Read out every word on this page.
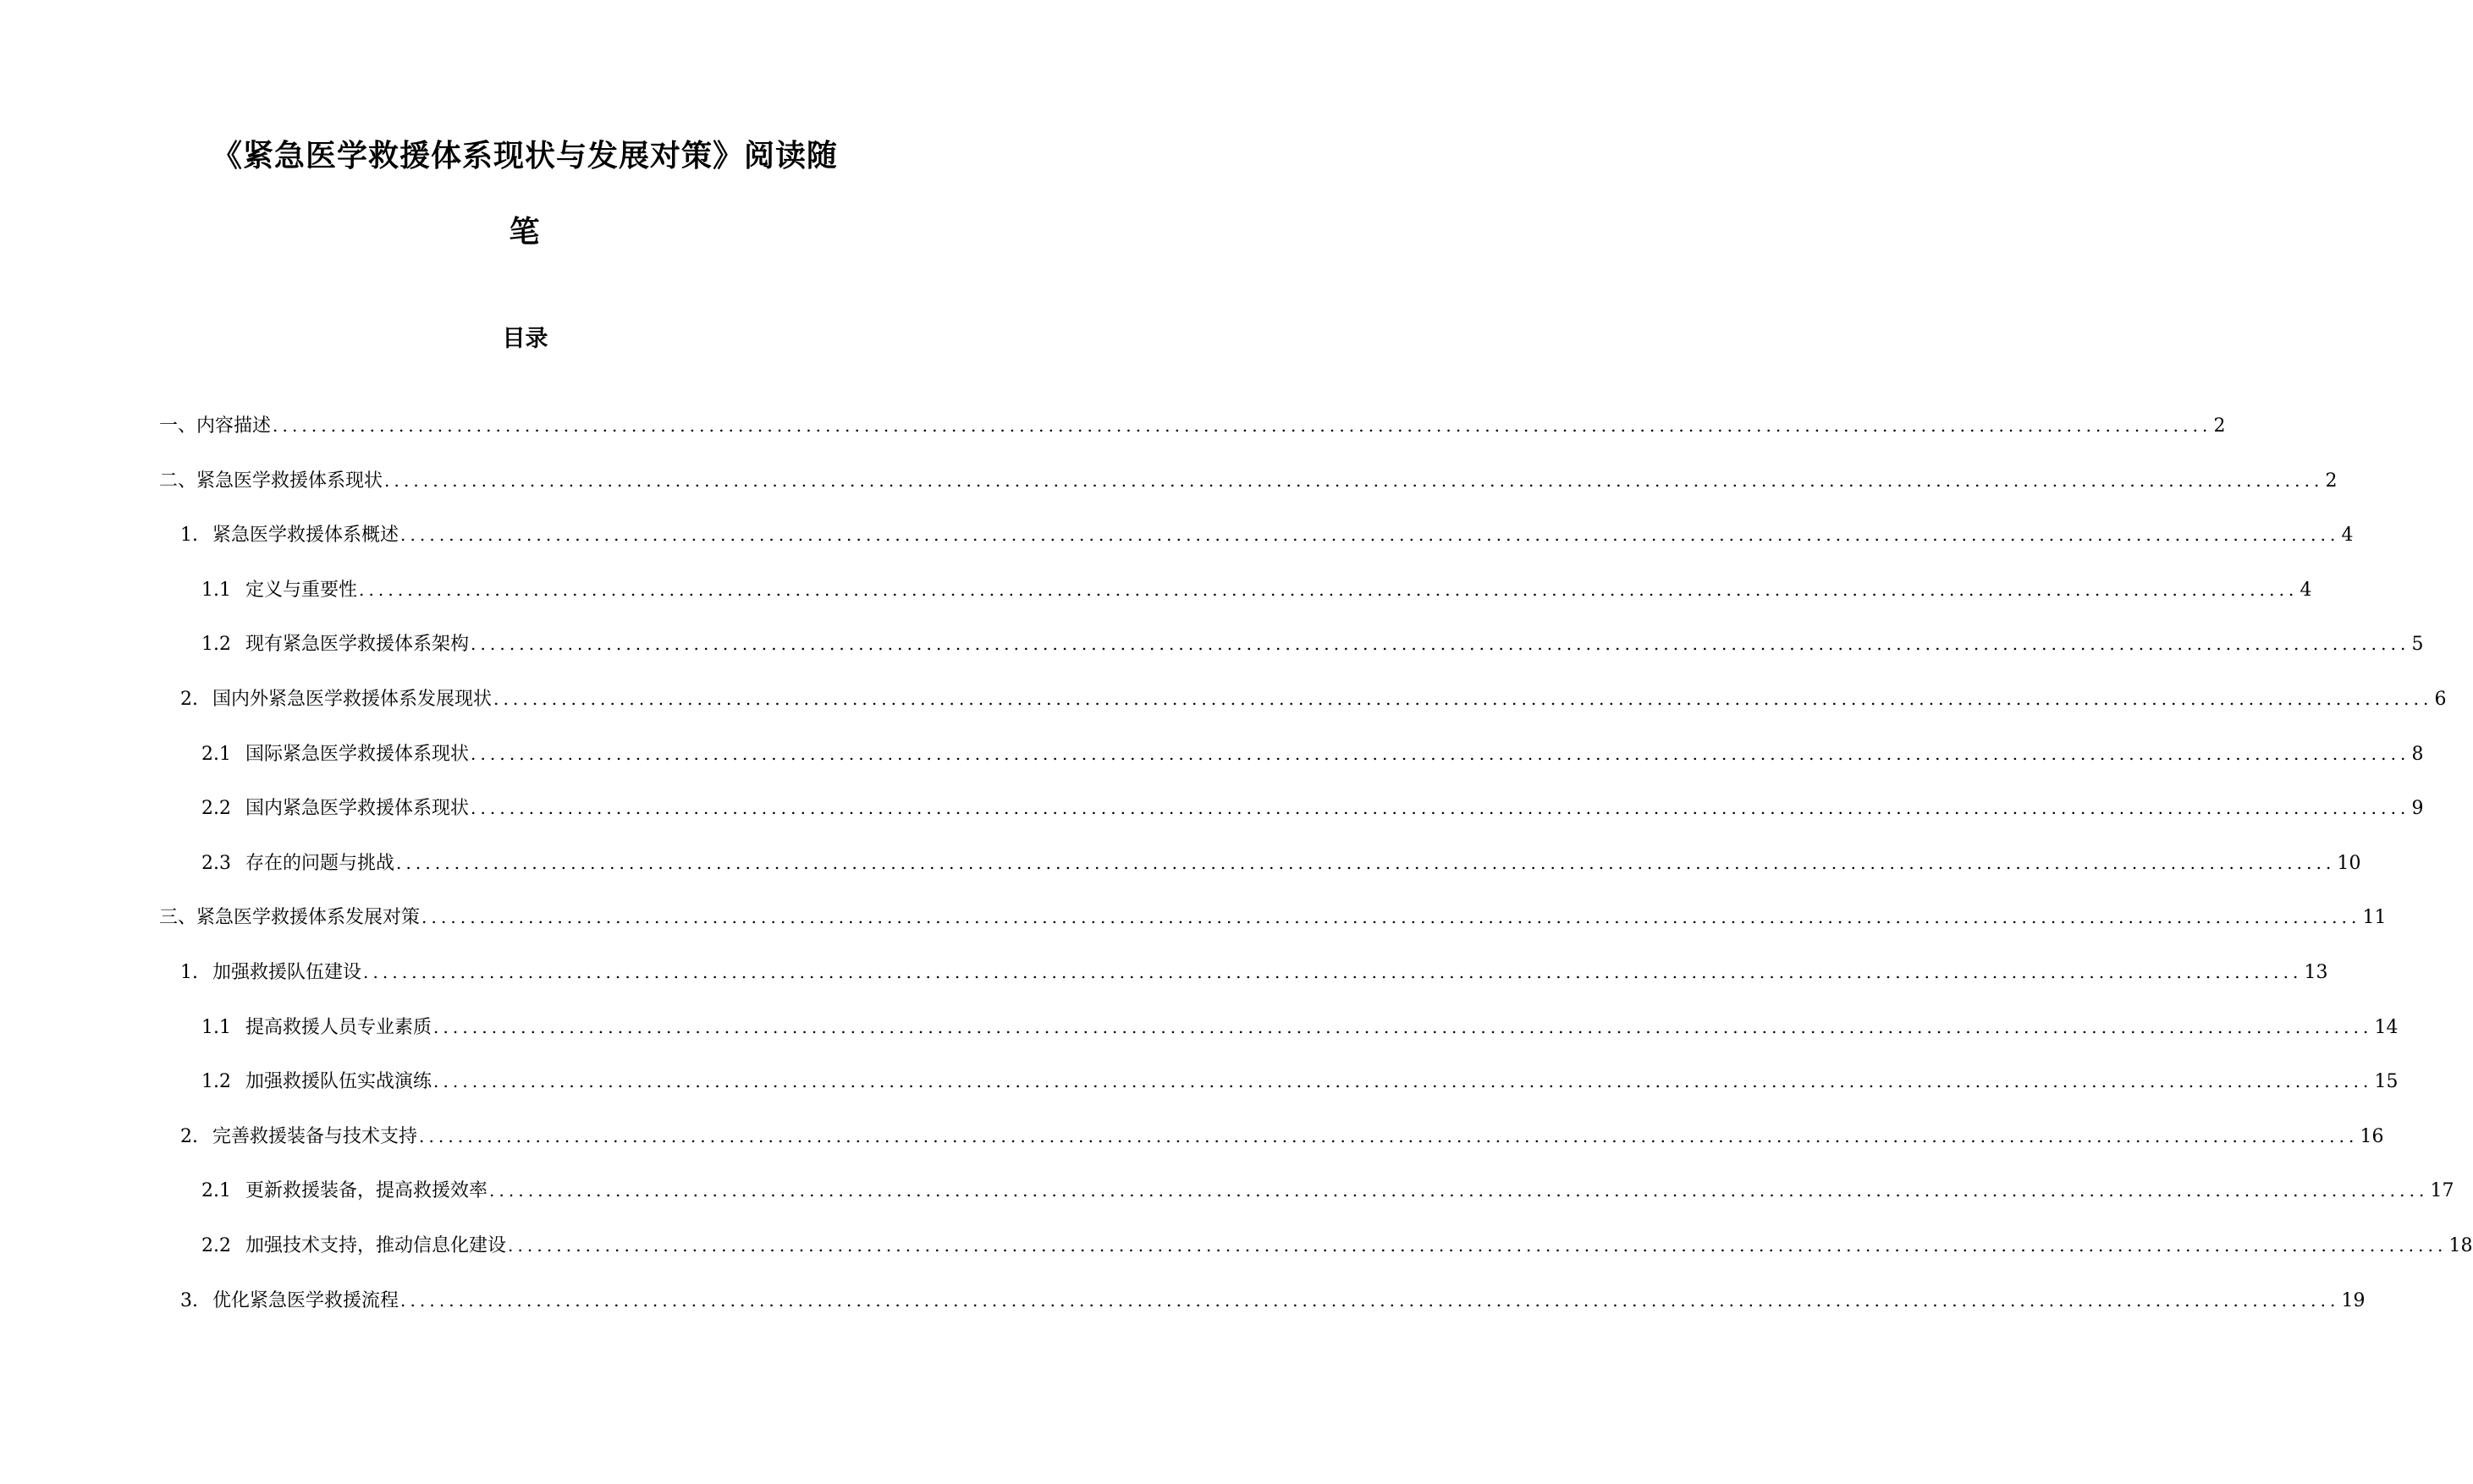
《紧急医学救援体系现状与发展对策》阅读随
笔
目录
一、 内容描述 ........................................................................................................................................................................................................ 2
二、 紧急医学救援体系现状 ........................................................................................................................................................................................................ 2
1. 紧急医学救援体系概述 ........................................................................................................................................................................................................ 4
1.1 定义与重要性 ........................................................................................................................................................................................................ 4
1.2 现有紧急医学救援体系架构 ........................................................................................................................................................................................................ 5
2. 国内外紧急医学救援体系发展现状 ........................................................................................................................................................................................................ 6
2.1 国际紧急医学救援体系现状 ........................................................................................................................................................................................................ 8
2.2 国内紧急医学救援体系现状 ........................................................................................................................................................................................................ 9
2.3 存在的问题与挑战 ........................................................................................................................................................................................................ 10
三、 紧急医学救援体系发展对策 ........................................................................................................................................................................................................ 11
1. 加强救援队伍建设 ........................................................................................................................................................................................................ 13
1.1 提高救援人员专业素质 ........................................................................................................................................................................................................ 14
1.2 加强救援队伍实战演练 ........................................................................................................................................................................................................ 15
2. 完善救援装备与技术支持 ........................................................................................................................................................................................................ 16
2.1 更新救援装备，提高救援效率 ........................................................................................................................................................................................................ 17
2.2 加强技术支持，推动信息化建设 ........................................................................................................................................................................................................ 18
3. 优化紧急医学救援流程 ........................................................................................................................................................................................................ 19
